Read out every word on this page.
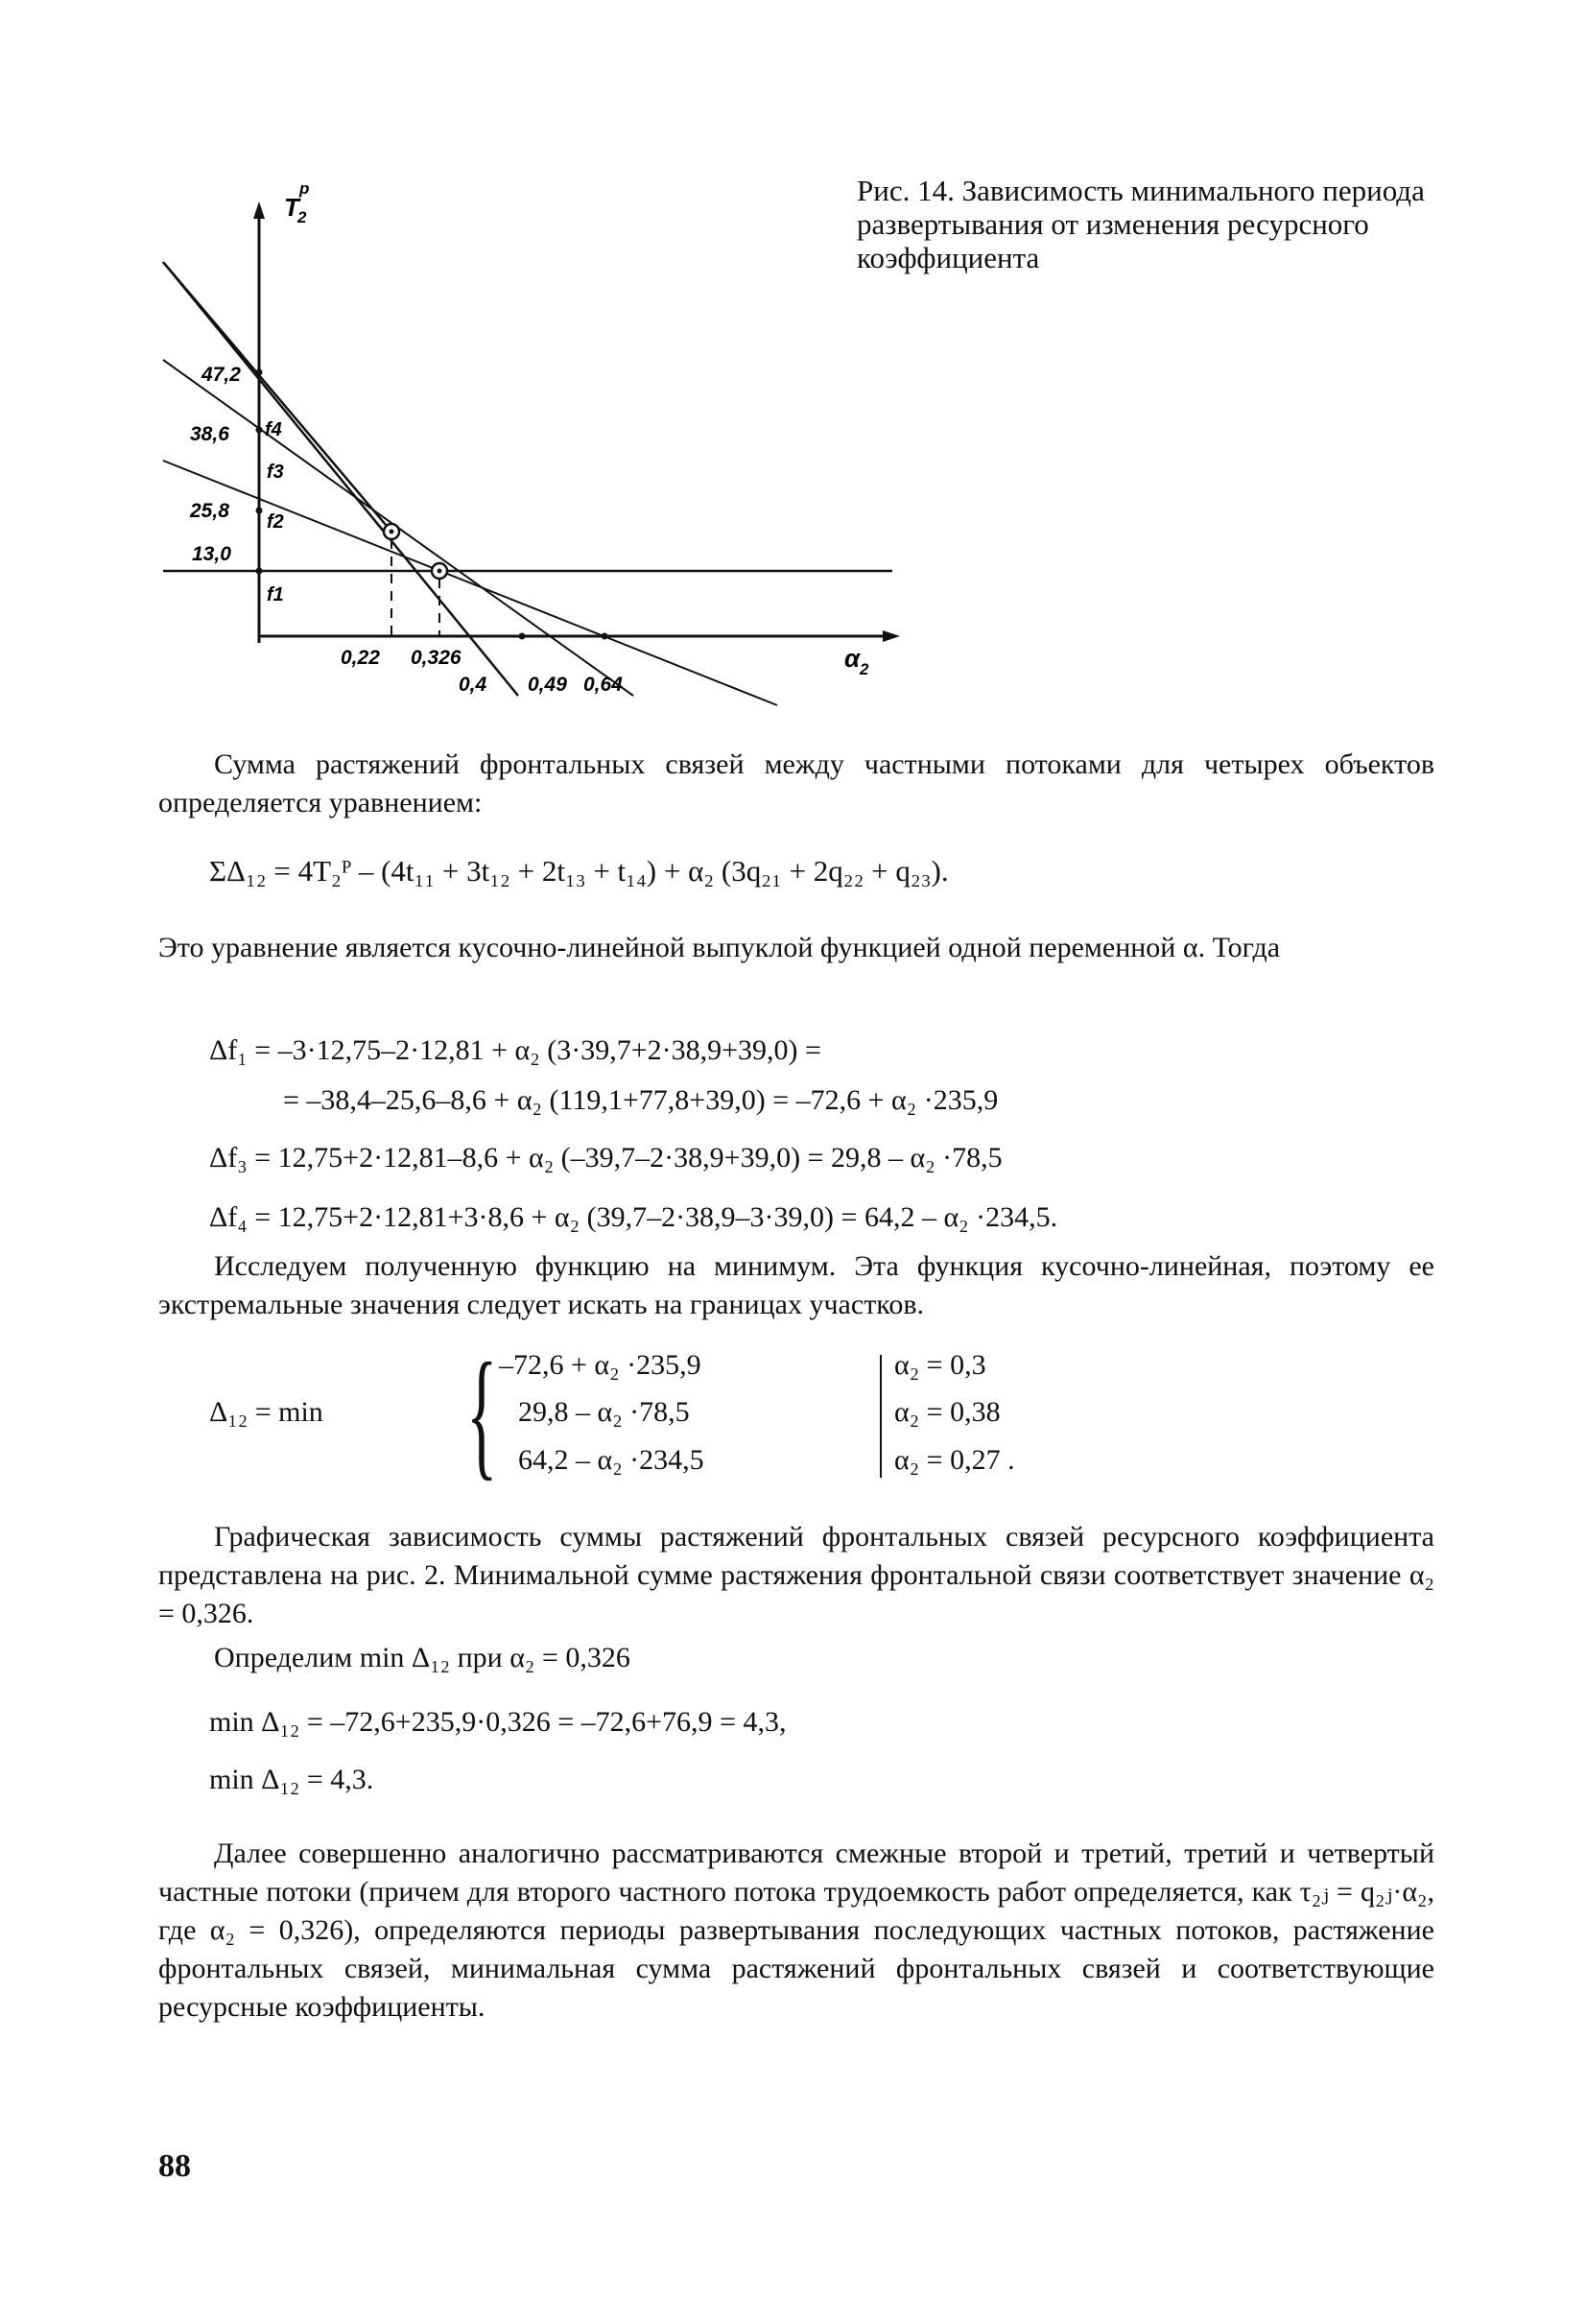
T
2
p
α 2
47,2
38,6
25,8
13,0
f4
f3
f2
f1
0,22 0,326
0,4 0,49 0,64
Рис. 14. Зависимость минимального периода развертывания от изменения ресурсного коэффициента
Сумма растяжений фронтальных связей между частными потоками для четырех объектов определяется уравнением:
ΣΔ₁₂ = 4T₂ᴾ – (4t₁₁ + 3t₁₂ + 2t₁₃ + t₁₄) + α₂ (3q₂₁ + 2q₂₂ + q₂₃).
Это уравнение является кусочно-линейной выпуклой функцией одной переменной α. Тогда
Δf₁ = –3·12,75–2·12,81 + α₂ (3·39,7+2·38,9+39,0) =
= –38,4–25,6–8,6 + α₂ (119,1+77,8+39,0) = –72,6 + α₂ ·235,9
Δf₃ = 12,75+2·12,81–8,6 + α₂ (–39,7–2·38,9+39,0) = 29,8 – α₂ ·78,5
Δf₄ = 12,75+2·12,81+3·8,6 + α₂ (39,7–2·38,9–3·39,0) = 64,2 – α₂ ·234,5.
Исследуем полученную функцию на минимум. Эта функция кусочно-линейная, поэтому ее экстремальные значения следует искать на границах участков.
Δ₁₂ = min { –72,6 + α₂ ·235,9
29,8 – α₂ ·78,5
64,2 – α₂ ·234,5
α₂ = 0,3
α₂ = 0,38
α₂ = 0,27 .
Графическая зависимость суммы растяжений фронтальных связей ресурсного коэффициента представлена на рис. 2. Минимальной сумме растяжения фронтальной связи соответствует значение α₂ = 0,326.
Определим min Δ₁₂ при α₂ = 0,326
min Δ₁₂ = –72,6+235,9·0,326 = –72,6+76,9 = 4,3,
min Δ₁₂ = 4,3.
Далее совершенно аналогично рассматриваются смежные второй и третий, третий и четвертый частные потоки (причем для второго частного потока трудоемкость работ определяется, как τ₂ⱼ = q₂ⱼ·α₂, где α₂ = 0,326), определяются периоды развертывания последующих частных потоков, растяжение фронтальных связей, минимальная сумма растяжений фронтальных связей и соответствующие ресурсные коэффициенты.
88
